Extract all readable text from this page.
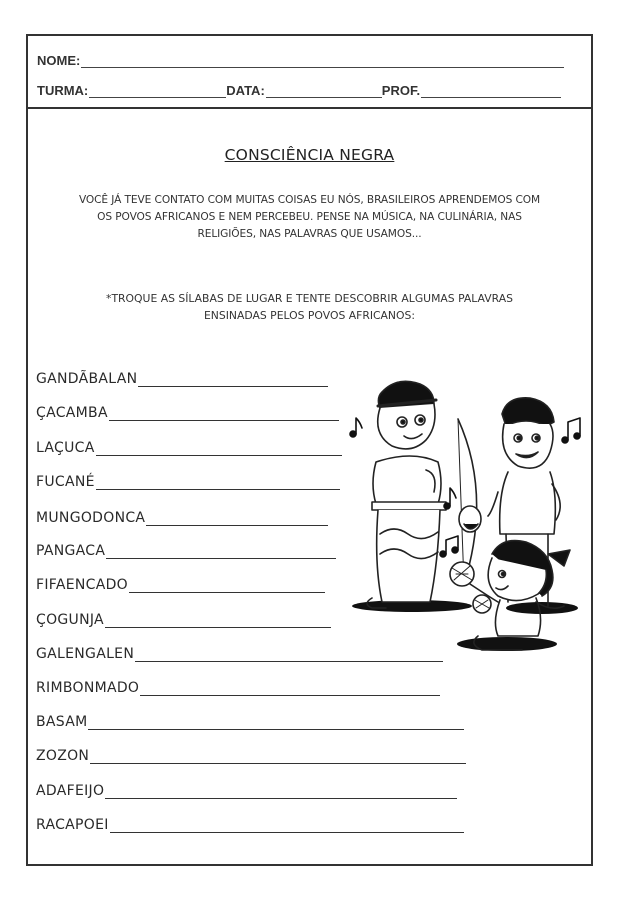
NOME:
TURMA:	DATA:	PROF.
CONSCIÊNCIA NEGRA
VOCÊ JÁ TEVE CONTATO COM MUITAS COISAS EU NÓS, BRASILEIROS APRENDEMOS COM
OS POVOS AFRICANOS E NEM PERCEBEU. PENSE NA MÚSICA, NA CULINÁRIA, NAS
RELIGIÕES, NAS PALAVRAS QUE USAMOS...
*TROQUE AS SÍLABAS DE LUGAR E TENTE DESCOBRIR ALGUMAS PALAVRAS
ENSINADAS PELOS POVOS AFRICANOS:
GANDÃBALAN
ÇACAMBA
LAÇUCA
FUCANÉ
MUNGODONCA
PANGACA
FIFAENCADO
ÇOGUNJA
GALENGALEN
RIMBONMADO
BASAM
ZOZON
ADAFEIJO
RACAPOEI
